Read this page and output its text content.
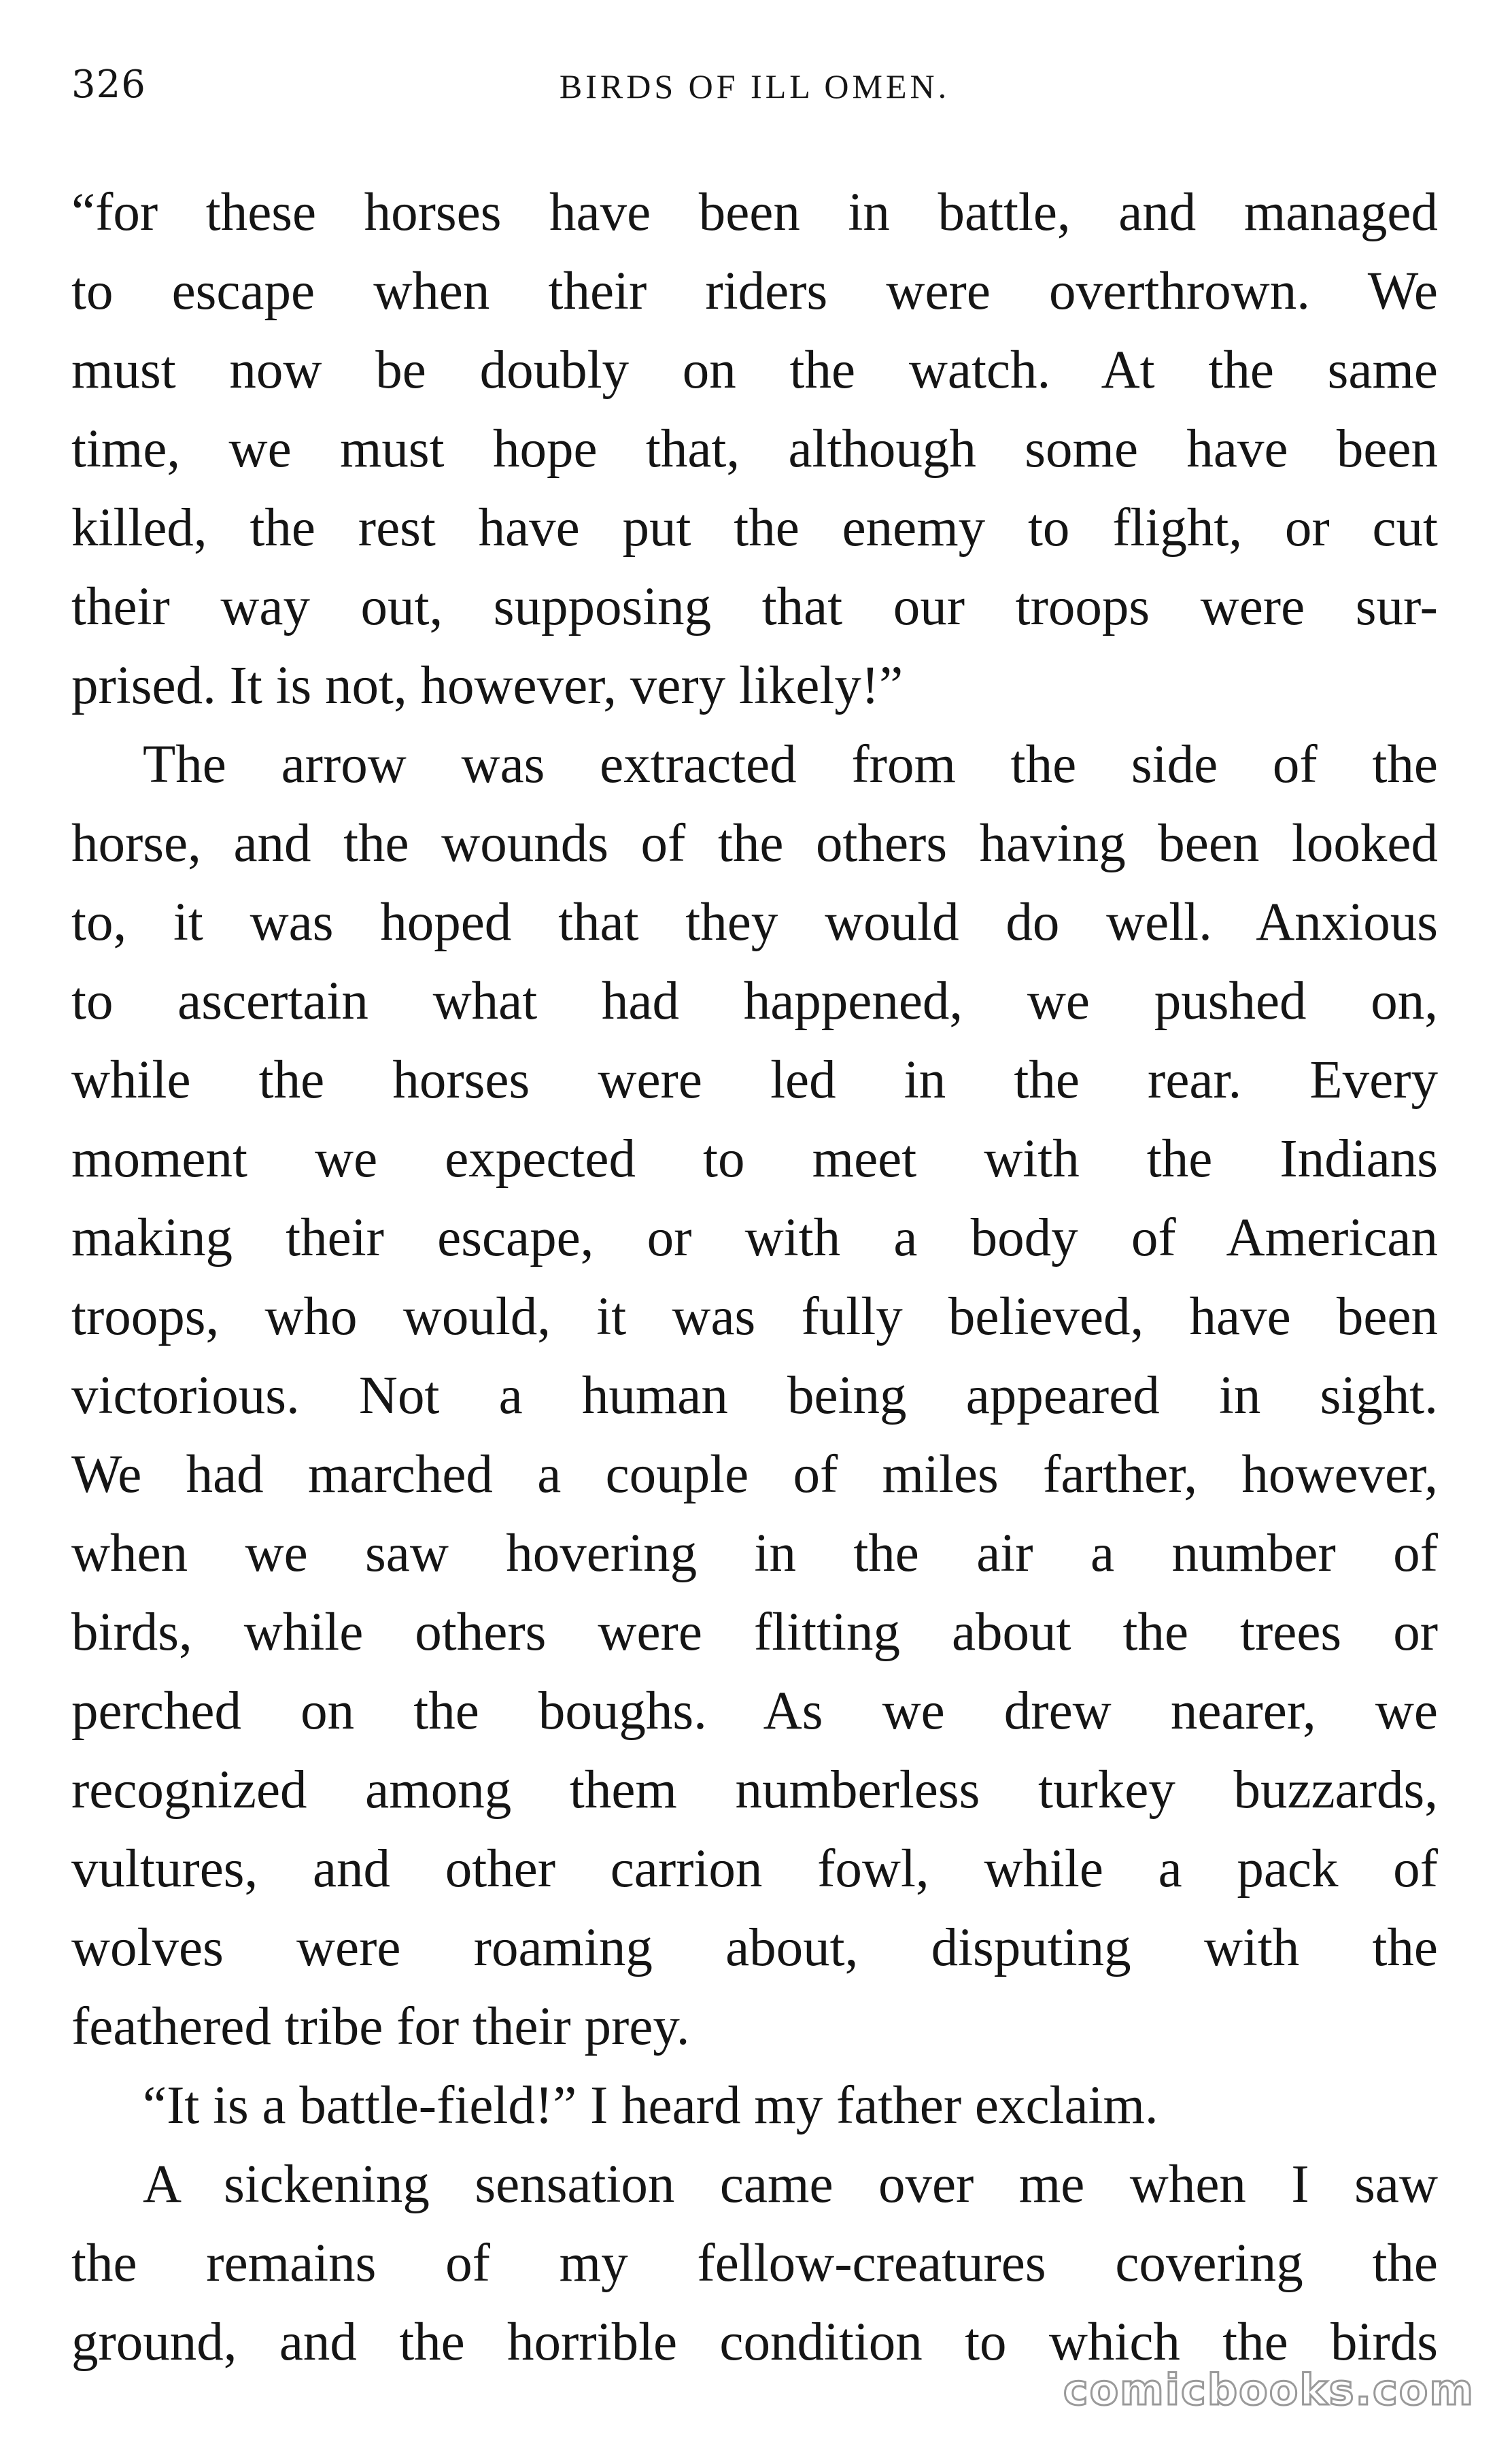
326	BIRDS OF ILL OMEN.
“for these horses have been in battle, and managed
to escape when their riders were overthrown. We
must now be doubly on the watch. At the same
time, we must hope that, although some have been
killed, the rest have put the enemy to flight, or cut
their way out, supposing that our troops were sur-
prised. It is not, however, very likely!”
The arrow was extracted from the side of the
horse, and the wounds of the others having been looked
to, it was hoped that they would do well. Anxious
to ascertain what had happened, we pushed on,
while the horses were led in the rear. Every
moment we expected to meet with the Indians
making their escape, or with a body of American
troops, who would, it was fully believed, have been
victorious. Not a human being appeared in sight.
We had marched a couple of miles farther, however,
when we saw hovering in the air a number of
birds, while others were flitting about the trees or
perched on the boughs. As we drew nearer, we
recognized among them numberless turkey buzzards,
vultures, and other carrion fowl, while a pack of
wolves were roaming about, disputing with the
feathered tribe for their prey.
“It is a battle-field!” I heard my father exclaim.
A sickening sensation came over me when I saw
the remains of my fellow-creatures covering the
ground, and the horrible condition to which the birds
comicbooks.com
